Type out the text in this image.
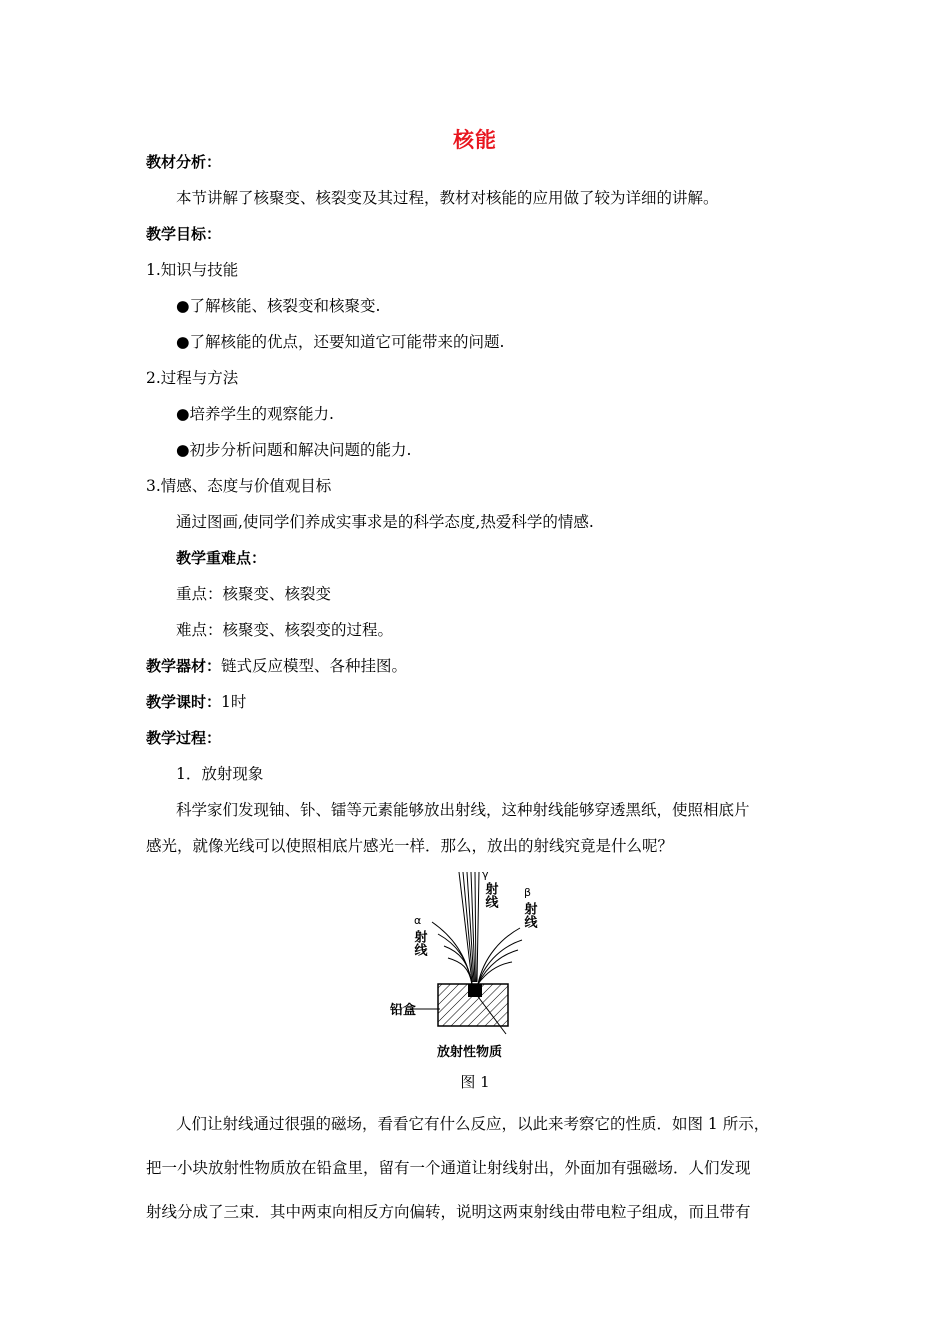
核能
教材分析：
本节讲解了核聚变、核裂变及其过程，教材对核能的应用做了较为详细的讲解。
教学目标：
1.知识与技能
●了解核能、核裂变和核聚变.
●了解核能的优点，还要知道它可能带来的问题.
2.过程与方法
●培养学生的观察能力.
●初步分析问题和解决问题的能力.
3.情感、态度与价值观目标
通过图画,使同学们养成实事求是的科学态度,热爱科学的情感.
教学重难点：
重点：核聚变、核裂变
难点：核聚变、核裂变的过程。
教学器材：链式反应模型、各种挂图。
教学课时：1时
教学过程：
1．放射现象
科学家们发现铀、钋、镭等元素能够放出射线，这种射线能够穿透黑纸，使照相底片
感光，就像光线可以使照相底片感光一样．那么，放出的射线究竟是什么呢？
γ
射线
α
射线
β
射线
铅盒
放射性物质
图 1
人们让射线通过很强的磁场，看看它有什么反应，以此来考察它的性质．如图 1 所示，
把一小块放射性物质放在铅盒里，留有一个通道让射线射出，外面加有强磁场．人们发现
射线分成了三束．其中两束向相反方向偏转，说明这两束射线由带电粒子组成，而且带有
